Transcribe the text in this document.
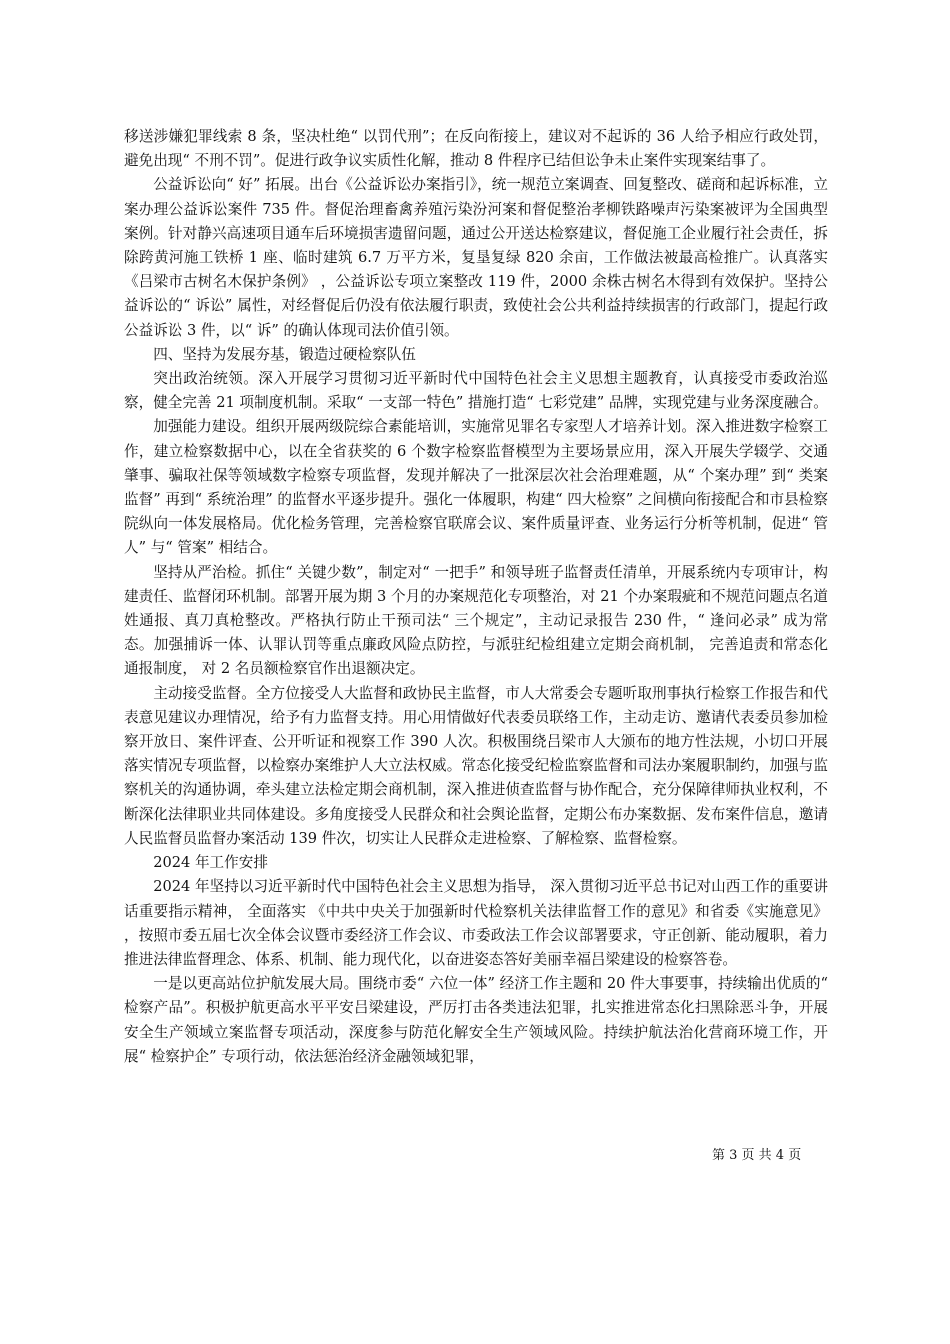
移送涉嫌犯罪线索 8 条，坚决杜绝“ 以罚代刑”；在反向衔接上，建议对不起诉的 36 人给予相应行政处罚，避免出现“ 不刑不罚”。促进行政争议实质性化解，推动 8 件程序已结但讼争未止案件实现案结事了。

公益诉讼向“ 好” 拓展。出台《公益诉讼办案指引》，统一规范立案调查、回复整改、磋商和起诉标准，立案办理公益诉讼案件 735 件。督促治理畜禽养殖污染汾河案和督促整治孝柳铁路噪声污染案被评为全国典型案例。针对静兴高速项目通车后环境损害遗留问题，通过公开送达检察建议，督促施工企业履行社会责任，拆除跨黄河施工铁桥 1 座、临时建筑 6.7 万平方米，复垦复绿 820 余亩，工作做法被最高检推广。认真落实《吕梁市古树名木保护条例》 ，公益诉讼专项立案整改 119 件，2000 余株古树名木得到有效保护。坚持公益诉讼的“ 诉讼” 属性，对经督促后仍没有依法履行职责，致使社会公共利益持续损害的行政部门，提起行政公益诉讼 3 件，以“ 诉” 的确认体现司法价值引领。

四、坚持为发展夯基，锻造过硬检察队伍

突出政治统领。深入开展学习贯彻习近平新时代中国特色社会主义思想主题教育，认真接受市委政治巡察，健全完善 21 项制度机制。采取“ 一支部一特色” 措施打造“ 七彩党建” 品牌，实现党建与业务深度融合。

加强能力建设。组织开展两级院综合素能培训，实施常见罪名专家型人才培养计划。深入推进数字检察工作，建立检察数据中心，以在全省获奖的 6 个数字检察监督模型为主要场景应用，深入开展失学辍学、交通肇事、骗取社保等领域数字检察专项监督，发现并解决了一批深层次社会治理难题，从“ 个案办理” 到“ 类案监督” 再到“ 系统治理” 的监督水平逐步提升。强化一体履职，构建“ 四大检察” 之间横向衔接配合和市县检察院纵向一体发展格局。优化检务管理，完善检察官联席会议、案件质量评查、业务运行分析等机制，促进“ 管人” 与“ 管案” 相结合。

坚持从严治检。抓住“ 关键少数”，制定对“ 一把手” 和领导班子监督责任清单，开展系统内专项审计，构建责任、监督闭环机制。部署开展为期 3 个月的办案规范化专项整治，对 21 个办案瑕疵和不规范问题点名道姓通报、真刀真枪整改。严格执行防止干预司法“ 三个规定”，主动记录报告 230 件，“ 逢问必录” 成为常态。加强捕诉一体、认罪认罚等重点廉政风险点防控，与派驻纪检组建立定期会商机制， 完善追责和常态化通报制度， 对 2 名员额检察官作出退额决定。

主动接受监督。全方位接受人大监督和政协民主监督，市人大常委会专题听取刑事执行检察工作报告和代表意见建议办理情况，给予有力监督支持。用心用情做好代表委员联络工作，主动走访、邀请代表委员参加检察开放日、案件评查、公开听证和视察工作 390 人次。积极围绕吕梁市人大颁布的地方性法规，小切口开展落实情况专项监督，以检察办案维护人大立法权威。常态化接受纪检监察监督和司法办案履职制约，加强与监察机关的沟通协调，牵头建立法检定期会商机制，深入推进侦查监督与协作配合，充分保障律师执业权利，不断深化法律职业共同体建设。多角度接受人民群众和社会舆论监督，定期公布办案数据、发布案件信息，邀请人民监督员监督办案活动 139 件次，切实让人民群众走进检察、了解检察、监督检察。

2024 年工作安排

2024 年坚持以习近平新时代中国特色社会主义思想为指导， 深入贯彻习近平总书记对山西工作的重要讲话重要指示精神， 全面落实 《中共中央关于加强新时代检察机关法律监督工作的意见》和省委《实施意见》 ，按照市委五届七次全体会议暨市委经济工作会议、市委政法工作会议部署要求，守正创新、能动履职，着力推进法律监督理念、体系、机制、能力现代化，以奋进姿态答好美丽幸福吕梁建设的检察答卷。

一是以更高站位护航发展大局。围绕市委“ 六位一体” 经济工作主题和 20 件大事要事，持续输出优质的“ 检察产品”。积极护航更高水平平安吕梁建设，严厉打击各类违法犯罪，扎实推进常态化扫黑除恶斗争，开展安全生产领域立案监督专项活动，深度参与防范化解安全生产领域风险。持续护航法治化营商环境工作，开展“ 检察护企” 专项行动，依法惩治经济金融领域犯罪，

第 3 页 共 4 页
